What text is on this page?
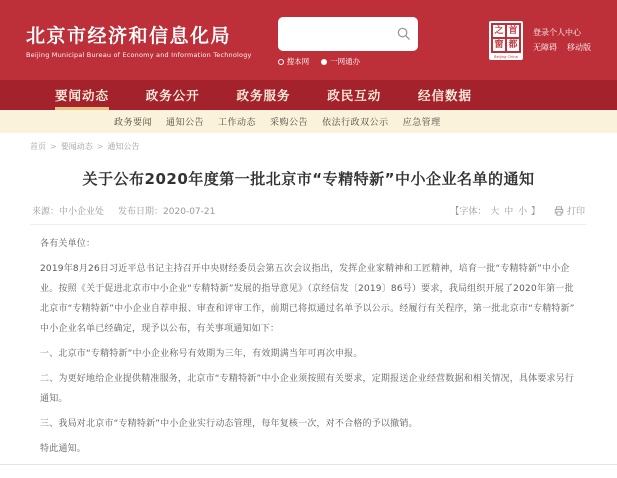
北京市经济和信息化局
Beijing Municipal Bureau of Economy and Information Technology
搜本网	一网通办
之 首
窗 都
Beijing China
登录个人中心
无障碍 移动版
要闻动态	政务公开	政务服务	政民互动	经信数据
政务要闻 通知公告 工作动态 采购公告 依法行政双公示 应急管理
首页 > 要闻动态 > 通知公告
关于公布2020年度第一批北京市“专精特新”中小企业名单的通知
来源：中小企业处 发布日期：2020-07-21	【字体： 大 中 小 】	打印

各有关单位：

2019年8月26日习近平总书记主持召开中央财经委员会第五次会议指出，发挥企业家精神和工匠精神，培育一批“专精特新”中小企业。按照《关于促进北京市中小企业“专精特新”发展的指导意见》（京经信发〔2019〕86号）要求，我局组织开展了2020年第一批北京市“专精特新”中小企业自荐申报、审查和评审工作，前期已将拟通过名单予以公示。经履行有关程序，第一批北京市“专精特新”中小企业名单已经确定，现予以公布，有关事项通知如下：

一、北京市“专精特新”中小企业称号有效期为三年，有效期满当年可再次申报。

二、为更好地给企业提供精准服务，北京市“专精特新”中小企业须按照有关要求，定期报送企业经营数据和相关情况，具体要求另行通知。

三、我局对北京市“专精特新”中小企业实行动态管理，每年复核一次，对不合格的予以撤销。

特此通知。
